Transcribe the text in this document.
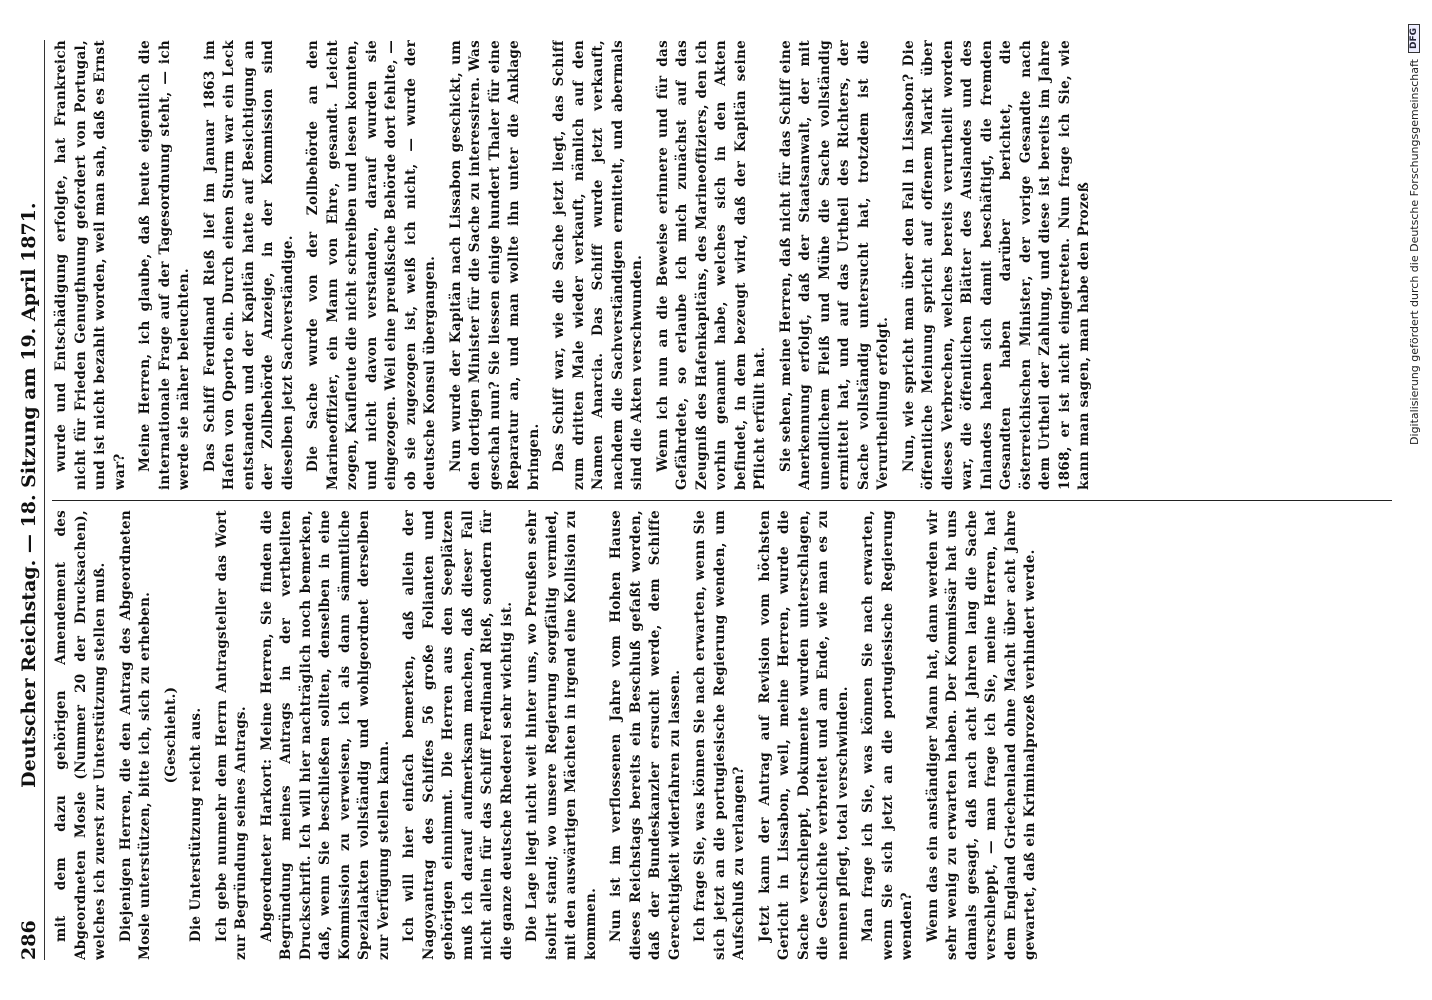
286
Deutscher Reichstag. — 18. Sitzung am 19. April 1871. mit dem dazu gehörigen Amendement des Abgeordneten Mosle (Nummer 20 der Drucksachen), welches ich zuerst zur Unterstützung stellen muß. Diejenigen Herren, die den Antrag des Abgeordneten Mosle unterstützen, bitte ich, sich zu erheben. (Geschieht.) Die Unterstützung reicht aus. Ich gebe nunmehr dem Herrn Antragsteller das Wort zur Begründung seines Antrags. Abgeordneter Harkort: Meine Herren, Sie finden die Begründung meines Antrags in der vertheilten Druckschrift. Ich will hier nachträglich noch bemerken, daß, wenn Sie beschließen sollten, denselben in eine Kommission zu verweisen, ich als dann sämmtliche Spezialakten vollständig und wohlgeordnet derselben zur Verfügung stellen kann. Ich will hier einfach bemerken, daß allein der Nagoyantrag des Schiffes 56 große Folianten und gehörigen einnimmt. Die Herren aus den Seeplätzen muß ich darauf aufmerksam machen, daß dieser Fall nicht allein für das Schiff Ferdinand Rieß, sondern für die ganze deutsche Rhederei sehr wichtig ist. Die Lage liegt nicht weit hinter uns, wo Preußen sehr isolirt stand; wo unsere Regierung sorgfältig vermied, mit den auswärtigen Mächten in irgend eine Kollision zu kommen. Nun ist im verflossenen Jahre vom Hohen Hause dieses Reichstags bereits ein Beschluß gefaßt worden, daß der Bundeskanzler ersucht werde, dem Schiffe Gerechtigkeit widerfahren zu lassen. Ich frage Sie, was können Sie nach erwarten, wenn Sie sich jetzt an die portugiesische Regierung wenden, um Aufschluß zu verlangen? Jetzt kann der Antrag auf Revision vom höchsten Gericht in Lissabon, weil, meine Herren, wurde die Sache verschleppt, Dokumente wurden unterschlagen, die Geschichte verbreitet und am Ende, wie man es zu nennen pflegt, total verschwinden. Man frage ich Sie, was können Sie nach erwarten, wenn Sie sich jetzt an die portugiesische Regierung wenden? Wenn das ein anständiger Mann hat, dann werden wir sehr wenig zu erwarten haben. Der Kommissär hat uns damals gesagt, daß nach acht Jahren lang die Sache verschleppt, — man frage ich Sie, meine Herren, hat dem England Griechenland ohne Macht über acht Jahre gewartet, daß ein Kriminalprozeß verhindert werde.

wurde und Entschädigung erfolgte, hat Frankreich nicht für Frieden Genugthuung gefordert von Portugal, und ist nicht bezahlt worden, weil man sah, daß es Ernst war? Meine Herren, ich glaube, daß heute eigentlich die internationale Frage auf der Tagesordnung steht, — ich werde sie näher beleuchten. Das Schiff Ferdinand Rieß lief im Januar 1863 im Hafen von Oporto ein. Durch einen Sturm war ein Leck entstanden und der Kapitän hatte auf Besichtigung an der Zollbehörde Anzeige, in der Kommission sind dieselben jetzt Sachverständige. Die Sache wurde von der Zollbehörde an den Marineoffizier, ein Mann von Ehre, gesandt. Leicht zogen, Kaufleute die nicht schreiben und lesen konnten, und nicht davon verstanden, darauf wurden sie eingezogen. Weil eine preußische Behörde dort fehlte, — ob sie zugezogen ist, weiß ich nicht, — wurde der deutsche Konsul übergangen. Nun wurde der Kapitän nach Lissabon geschickt, um den dortigen Minister für die Sache zu interessiren. Was geschah nun? Sie liessen einige hundert Thaler für eine Reparatur an, und man wollte ihn unter die Anklage bringen. Das Schiff war, wie die Sache jetzt liegt, das Schiff zum dritten Male wieder verkauft, nämlich auf den Namen Anarcia. Das Schiff wurde jetzt verkauft, nachdem die Sachverständigen ermittelt, und abermals sind die Akten verschwunden. Wenn ich nun an die Beweise erinnere und für das Gefährdete, so erlaube ich mich zunächst auf das Zeugniß des Hafenkapitäns, des Marineoffiziers, den ich vorhin genannt habe, welches sich in den Akten befindet, in dem bezeugt wird, daß der Kapitän seine Pflicht erfüllt hat. Sie sehen, meine Herren, daß nicht für das Schiff eine Anerkennung erfolgt, daß der Staatsanwalt, der mit unendlichem Fleiß und Mühe die Sache vollständig ermittelt hat, und auf das Urtheil des Richters, der Sache vollständig untersucht hat, trotzdem ist die Verurtheilung erfolgt. Nun, wie spricht man über den Fall in Lissabon? Die öffentliche Meinung spricht auf offenem Markt über dieses Verbrechen, welches bereits verurtheilt worden war, die öffentlichen Blätter des Auslandes und des Inlandes haben sich damit beschäftigt, die fremden Gesandten haben darüber berichtet, die österreichischen Minister, der vorige Gesandte nach dem Urtheil der Zahlung, und diese ist bereits im Jahre 1868, er ist nicht eingetreten. Nun frage ich Sie, wie kann man sagen, man habe den Prozeß	Digitalisierung gefördert durch die Deutsche Forschungsgemeinschaft
DFG
